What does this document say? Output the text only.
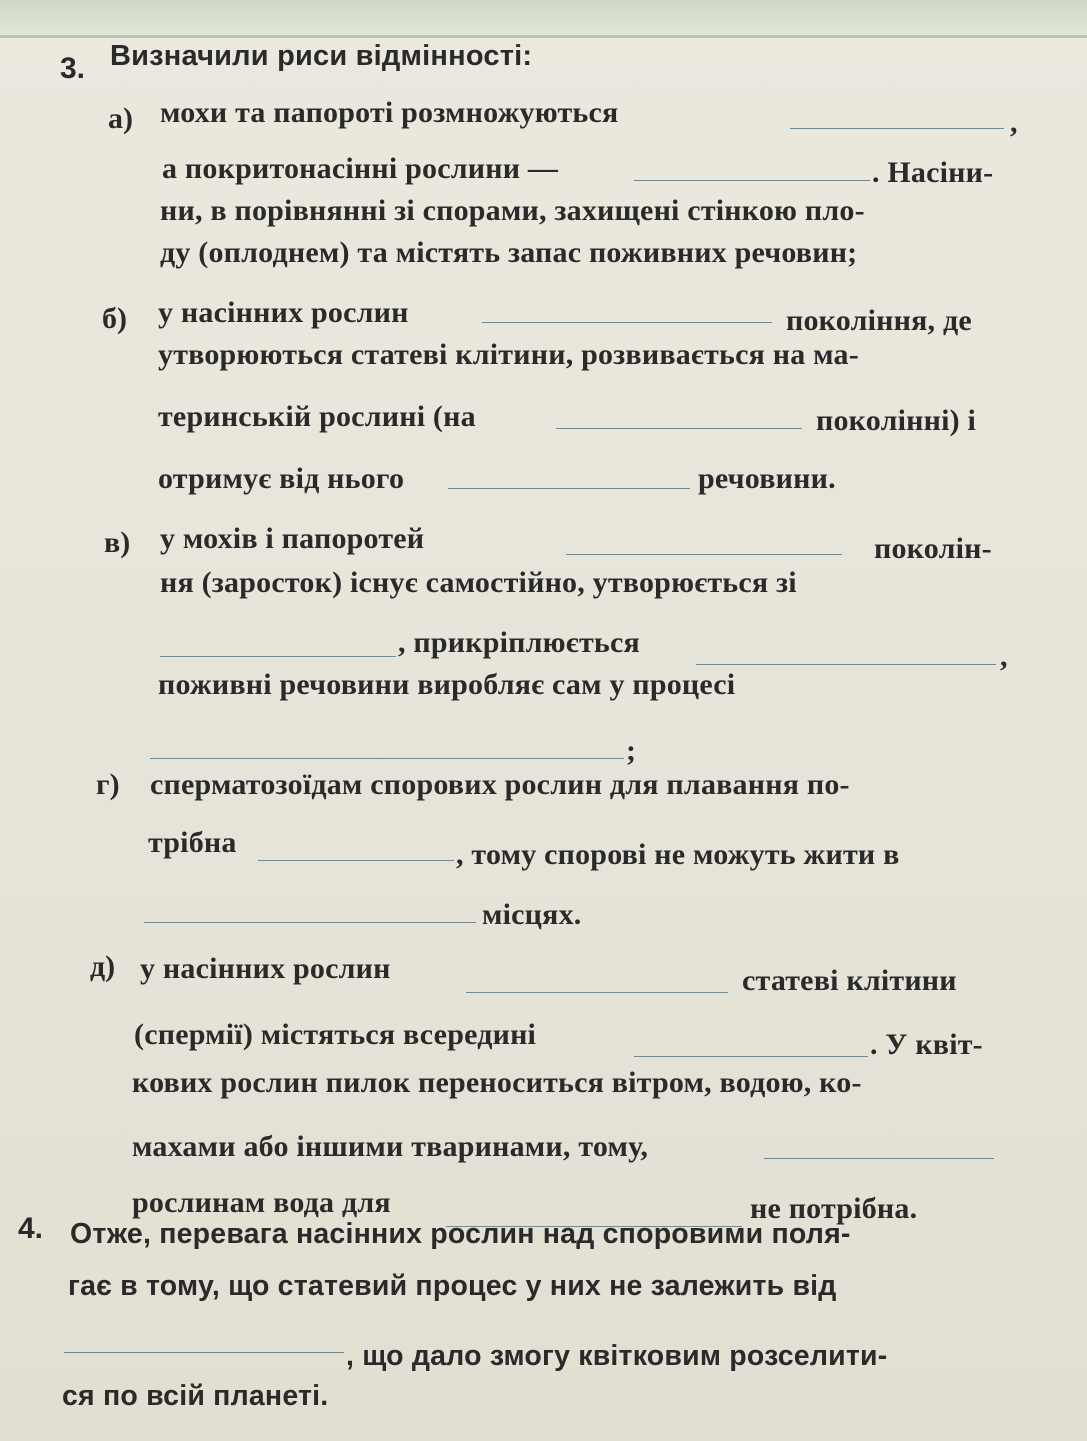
3. Визначили риси відмінності:
а) мохи та папороті розмножуються	,
а покритонасінні рослини —	. Насіни-
ни, в порівнянні зі спорами, захищені стінкою пло-
ду (оплоднем) та містять запас поживних речовин;
б) у насінних рослин	покоління, де
утворюються статеві клітини, розвивається на ма-
теринській рослині (на	поколінні) і
отримує від нього	речовини.
в) у мохів і папоротей	поколін-
ня (заросток) існує самостійно, утворюється зі
, прикріплюється	,
поживні речовини виробляє сам у процесі
;
г) сперматозоїдам спорових рослин для плавання по-
трібна	, тому спорові не можуть жити в
місцях.
д) у насінних рослин	статеві клітини
(спермії) містяться всередині	. У квіт-
кових рослин пилок переноситься вітром, водою, ко-
махами або іншими тваринами, тому,
рослинам вода для	не потрібна.
4. Отже, перевага насінних рослин над споровими поля-
гає в тому, що статевий процес у них не залежить від
, що дало змогу квітковим розселити-
ся по всій планеті.
